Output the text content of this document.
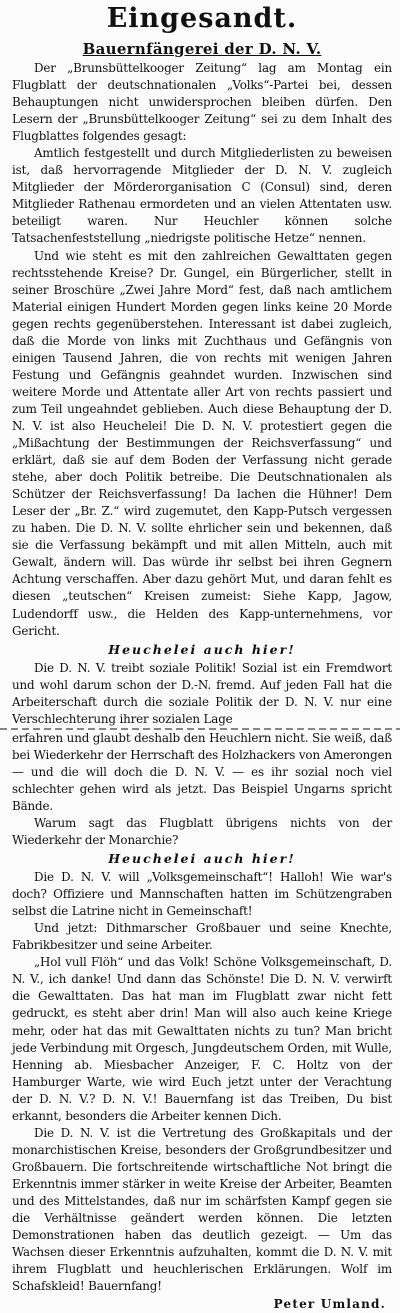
Eingesandt.
Bauernfängerei der D. N. V.

Der „Brunsbüttelkooger Zeitung“ lag am Montag ein Flugblatt der deutschnationalen „Volks“-Partei bei, dessen Behauptungen nicht unwidersprochen bleiben dürfen. Den Lesern der „Brunsbüttelkooger Zeitung“ sei zu dem Inhalt des Flugblattes folgendes gesagt:

Amtlich festgestellt und durch Mitgliederlisten zu beweisen ist, daß hervorragende Mitglieder der D. N. V. zugleich Mitglieder der Mörderorganisation C (Consul) sind, deren Mitglieder Rathenau ermordeten und an vielen Attentaten usw. beteiligt waren. Nur Heuchler können solche Tatsachenfeststellung „niedrigste politische Hetze“ nennen.

Und wie steht es mit den zahlreichen Gewalttaten gegen rechtsstehende Kreise? Dr. Gungel, ein Bürgerlicher, stellt in seiner Broschüre „Zwei Jahre Mord“ fest, daß nach amtlichem Material einigen Hundert Morden gegen links keine 20 Morde gegen rechts gegenüberstehen. Interessant ist dabei zugleich, daß die Morde von links mit Zuchthaus und Gefängnis von einigen Tausend Jahren, die von rechts mit wenigen Jahren Festung und Gefängnis geahndet wurden. Inzwischen sind weitere Morde und Attentate aller Art von rechts passiert und zum Teil ungeahndet geblieben. Auch diese Behauptung der D. N. V. ist also Heuchelei! Die D. N. V. protestiert gegen die „Mißachtung der Bestimmungen der Reichsverfassung“ und erklärt, daß sie auf dem Boden der Verfassung nicht gerade stehe, aber doch Politik betreibe. Die Deutschnationalen als Schützer der Reichsverfassung! Da lachen die Hühner! Dem Leser der „Br. Z.“ wird zugemutet, den Kapp-Putsch vergessen zu haben. Die D. N. V. sollte ehrlicher sein und bekennen, daß sie die Verfassung bekämpft und mit allen Mitteln, auch mit Gewalt, ändern will. Das würde ihr selbst bei ihren Gegnern Achtung verschaffen. Aber dazu gehört Mut, und daran fehlt es diesen „teutschen“ Kreisen zumeist: Siehe Kapp, Jagow, Ludendorff usw., die Helden des Kapp-unternehmens, vor Gericht.

Heuchelei auch hier!

Die D. N. V. treibt soziale Politik! Sozial ist ein Fremdwort und wohl darum schon der D.-N. fremd. Auf jeden Fall hat die Arbeiterschaft durch die soziale Politik der D. N. V. nur eine Verschlechterung ihrer sozialen Lage

erfahren und glaubt deshalb den Heuchlern nicht. Sie weiß, daß bei Wiederkehr der Herrschaft des Holzhackers von Amerongen — und die will doch die D. N. V. — es ihr sozial noch viel schlechter gehen wird als jetzt. Das Beispiel Ungarns spricht Bände.

Warum sagt das Flugblatt übrigens nichts von der Wiederkehr der Monarchie?

Heuchelei auch hier!

Die D. N. V. will „Volksgemeinschaft“! Halloh! Wie war's doch? Offiziere und Mannschaften hatten im Schützengraben selbst die Latrine nicht in Gemeinschaft!

Und jetzt: Dithmarscher Großbauer und seine Knechte, Fabrikbesitzer und seine Arbeiter.

„Hol vull Flöh“ und das Volk! Schöne Volksgemeinschaft, D. N. V., ich danke! Und dann das Schönste! Die D. N. V. verwirft die Gewalttaten. Das hat man im Flugblatt zwar nicht fett gedruckt, es steht aber drin! Man will also auch keine Kriege mehr, oder hat das mit Gewalttaten nichts zu tun? Man bricht jede Verbindung mit Orgesch, Jungdeutschem Orden, mit Wulle, Henning ab. Miesbacher Anzeiger, F. C. Holtz von der Hamburger Warte, wie wird Euch jetzt unter der Verachtung der D. N. V.? D. N. V.! Bauernfang ist das Treiben, Du bist erkannt, besonders die Arbeiter kennen Dich.

Die D. N. V. ist die Vertretung des Großkapitals und der monarchistischen Kreise, besonders der Großgrundbesitzer und Großbauern. Die fortschreitende wirtschaftliche Not bringt die Erkenntnis immer stärker in weite Kreise der Arbeiter, Beamten und des Mittelstandes, daß nur im schärfsten Kampf gegen sie die Verhältnisse geändert werden können. Die letzten Demonstrationen haben das deutlich gezeigt. — Um das Wachsen dieser Erkenntnis aufzuhalten, kommt die D. N. V. mit ihrem Flugblatt und heuchlerischen Erklärungen. Wolf im Schafskleid! Bauernfang!

Peter Umland.
